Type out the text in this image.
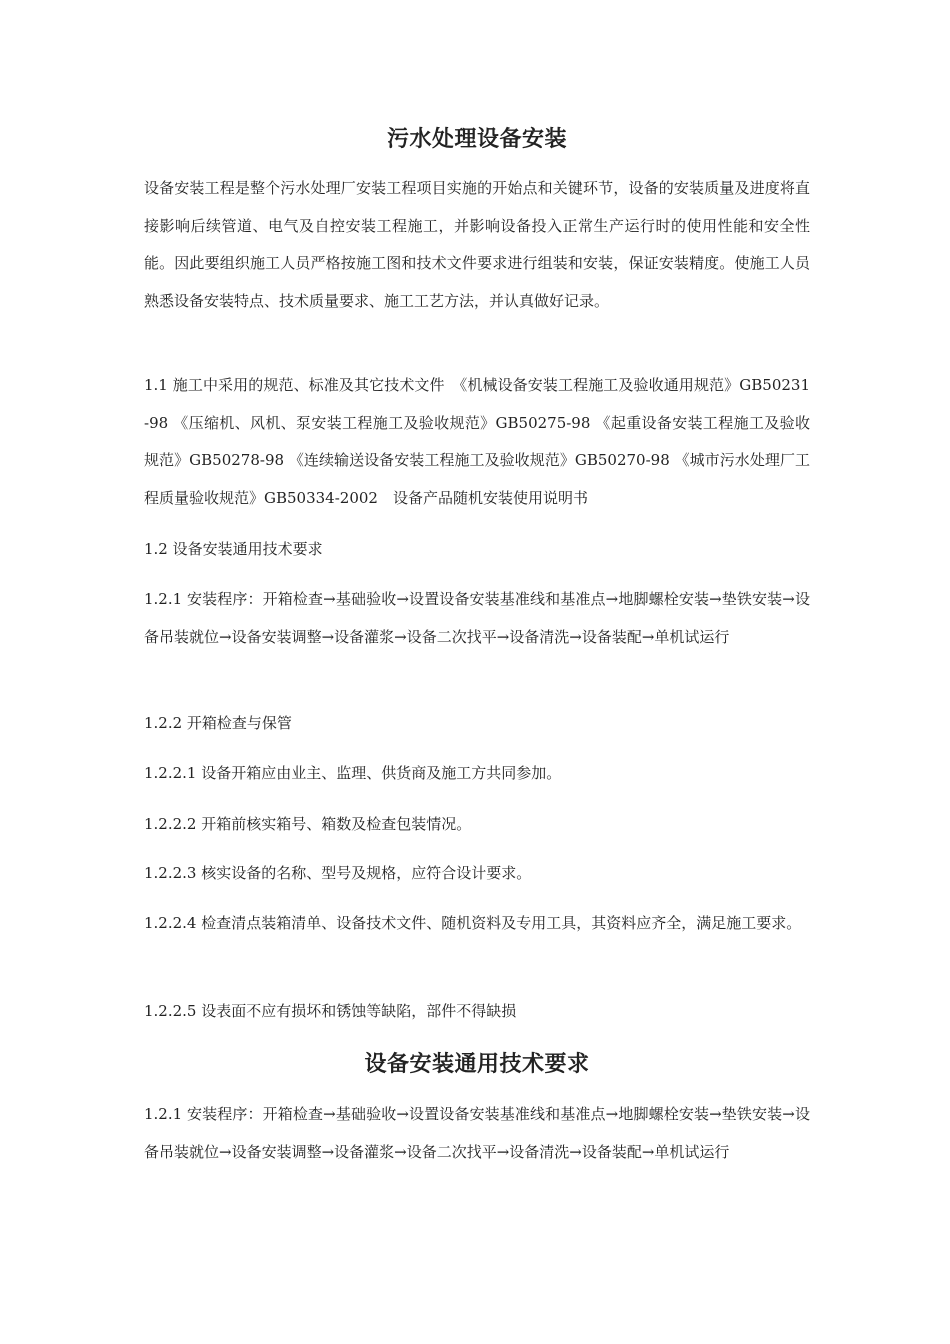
污水处理设备安装

设备安装工程是整个污水处理厂安装工程项目实施的开始点和关键环节，设备的安装质量及进度将直接影响后续管道、电气及自控安装工程施工，并影响设备投入正常生产运行时的使用性能和安全性能。因此要组织施工人员严格按施工图和技术文件要求进行组装和安装，保证安装精度。使施工人员熟悉设备安装特点、技术质量要求、施工工艺方法，并认真做好记录。

1.1 施工中采用的规范、标准及其它技术文件　《机械设备安装工程施工及验收通用规范》GB50231-98 《压缩机、风机、泵安装工程施工及验收规范》GB50275-98 《起重设备安装工程施工及验收规范》GB50278-98 《连续输送设备安装工程施工及验收规范》GB50270-98 《城市污水处理厂工程质量验收规范》GB50334-2002　设备产品随机安装使用说明书

1.2 设备安装通用技术要求

1.2.1 安装程序：开箱检查→基础验收→设置设备安装基准线和基准点→地脚螺栓安装→垫铁安装→设备吊装就位→设备安装调整→设备灌浆→设备二次找平→设备清洗→设备装配→单机试运行

1.2.2 开箱检查与保管

1.2.2.1 设备开箱应由业主、监理、供货商及施工方共同参加。

1.2.2.2 开箱前核实箱号、箱数及检查包装情况。

1.2.2.3 核实设备的名称、型号及规格，应符合设计要求。

1.2.2.4 检查清点装箱清单、设备技术文件、随机资料及专用工具，其资料应齐全，满足施工要求。

1.2.2.5 设表面不应有损坏和锈蚀等缺陷，部件不得缺损

设备安装通用技术要求

1.2.1 安装程序：开箱检查→基础验收→设置设备安装基准线和基准点→地脚螺栓安装→垫铁安装→设备吊装就位→设备安装调整→设备灌浆→设备二次找平→设备清洗→设备装配→单机试运行
